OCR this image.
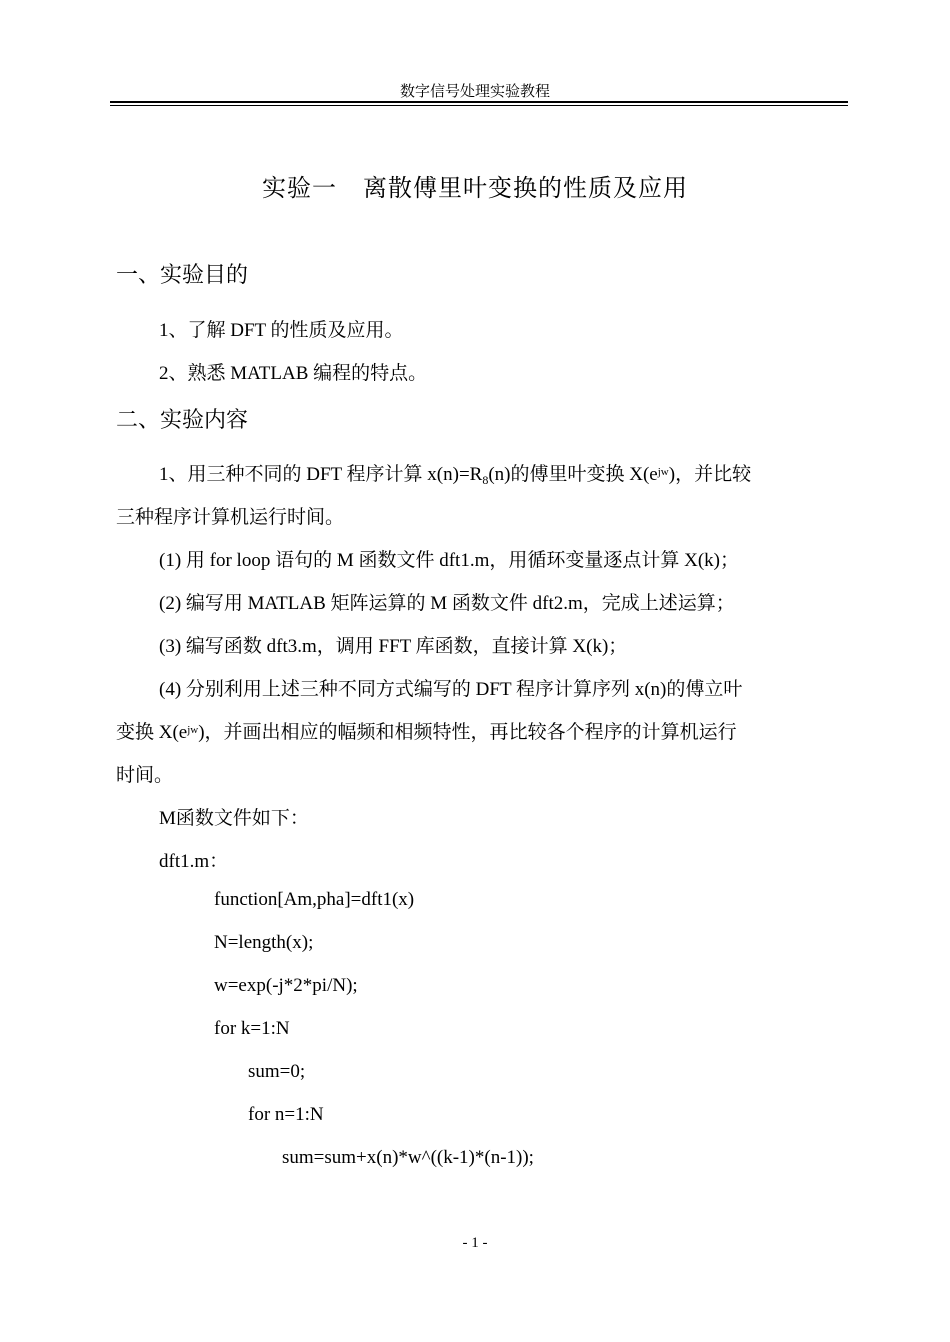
数字信号处理实验教程
实验一 离散傅里叶变换的性质及应用
一、实验目的
1、了解 DFT 的性质及应用。
2、熟悉 MATLAB 编程的特点。
二、实验内容
1、用三种不同的 DFT 程序计算 $x(n)=R_8(n)$的傅里叶变换 $X(e^{jw})$，并比较
三种程序计算机运行时间。
(1) 用 for loop 语句的 M 函数文件 dft1.m，用循环变量逐点计算 X(k)；
(2) 编写用 MATLAB 矩阵运算的 M 函数文件 dft2.m，完成上述运算；
(3) 编写函数 dft3.m，调用 FFT 库函数，直接计算 X(k)；
(4) 分别利用上述三种不同方式编写的 DFT 程序计算序列 x(n)的傅立叶
变换 $X(e^{jw})$，并画出相应的幅频和相频特性，再比较各个程序的计算机运行
时间。
M函数文件如下：
dft1.m：
function[Am,pha]=dft1(x)
N=length(x);
w=exp(-j*2*pi/N);
for k=1:N
sum=0;
for n=1:N
sum=sum+x(n)*w^((k-1)*(n-1));
- 1 -
